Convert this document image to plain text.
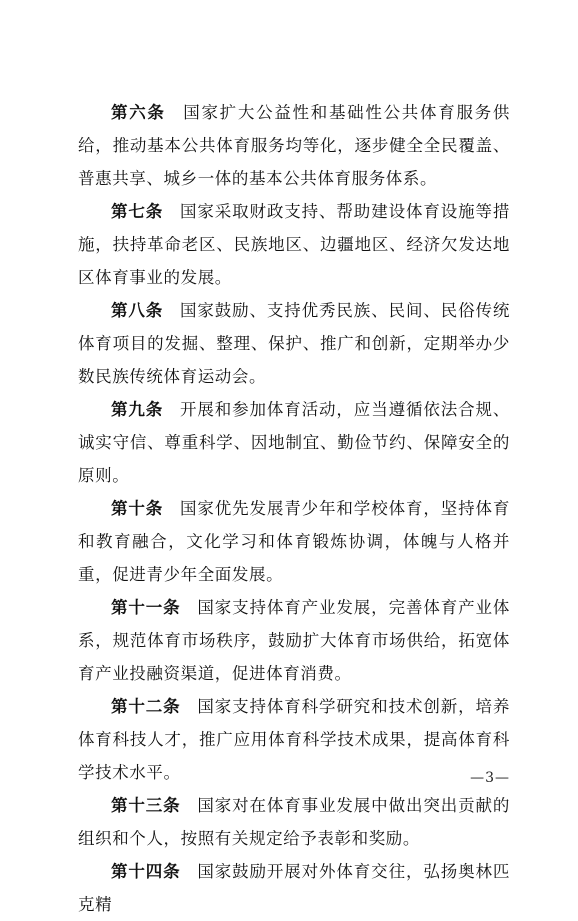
第六条 国家扩大公益性和基础性公共体育服务供给，推动基本公共体育服务均等化，逐步健全全民覆盖、普惠共享、城乡一体的基本公共体育服务体系。

第七条 国家采取财政支持、帮助建设体育设施等措施，扶持革命老区、民族地区、边疆地区、经济欠发达地区体育事业的发展。

第八条 国家鼓励、支持优秀民族、民间、民俗传统体育项目的发掘、整理、保护、推广和创新，定期举办少数民族传统体育运动会。

第九条 开展和参加体育活动，应当遵循依法合规、诚实守信、尊重科学、因地制宜、勤俭节约、保障安全的原则。

第十条 国家优先发展青少年和学校体育，坚持体育和教育融合，文化学习和体育锻炼协调，体魄与人格并重，促进青少年全面发展。

第十一条 国家支持体育产业发展，完善体育产业体系，规范体育市场秩序，鼓励扩大体育市场供给，拓宽体育产业投融资渠道，促进体育消费。

第十二条 国家支持体育科学研究和技术创新，培养体育科技人才，推广应用体育科学技术成果，提高体育科学技术水平。

第十三条 国家对在体育事业发展中做出突出贡献的组织和个人，按照有关规定给予表彰和奖励。

第十四条 国家鼓励开展对外体育交往，弘扬奥林匹克精

—3—
